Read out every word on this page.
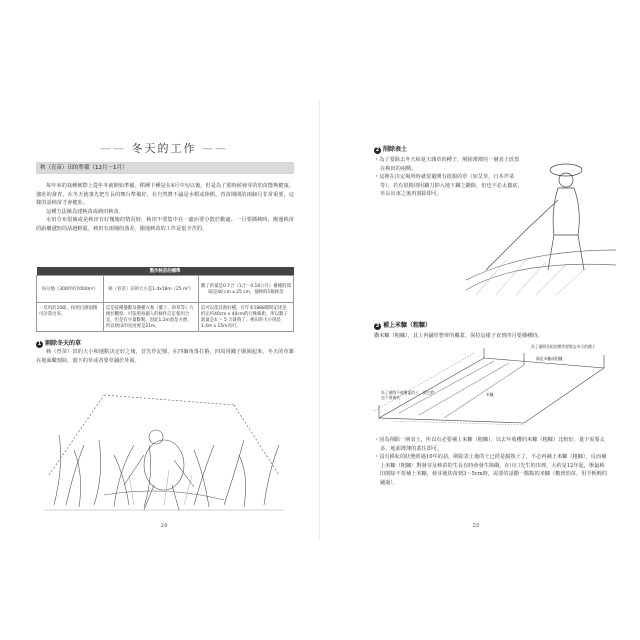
—— 冬天的工作 ——
秧（育苗）田的準備（12月－1月）

每年米的栽種實際上從年冬就開始準備。稻種下種是在4月中旬以後，但是為了那時候發芽的幼苗能夠健康，強壯的發育，在冬天就事先把生長的舞台準備好，在自然農不論是水稻或陸稻，育苗期間的兩個月非常重要，這樣的話秧苗才會健壯。

這種方法稱為建秧苗或秧田秧苗。

水田分布很廣或是秧田有好幾塊的情況時，秧田不要集中在一處而要分散於數處。一旦要插秧時，搬運秧苗的距離越短的話越輕鬆，秧田有兩塊的落差，搬運秧苗的工作是很辛苦的。

製作秧苗的標準		
每分地（300坪約1000m²）	秧（育苗）田的大小是1.4x18m（25 m²）	數子的量是0.7合（1合＝0.18公升）播種的間隔是40 cm x 25 cm，插秧時1根秧苗
一反用於10畝，按照目測面積可計算出來。	這是從種播數及播種方養（覆土、荷草等）方便於觀察，可依照每個人的條件訂定使用合宜，但是有少量數喔，因此1.2m寬是方便，所以秧田的長度要是21m。	這可以依其他好種，在年來1888期間記述是約定約40cm x 40cm的行株株距，所以數子就量是4 ～ 5 合就夠了。秧田的大小則是1.4m x 15m而可。
1 割除冬天的草

秧（育苗）田的大小和地點決定好之後，首先作記號，在四個角落打樁，四周用繩子圍圍起來，冬天的草雜在地面繼割除，割下的草或者要草鋪於外面。

24
2 削除表土
・為了要除去冬天和夏天雜草的種子，削除薄薄的一層表土放置在秧田的兩側。
・這裡在決定場所時就要避開有很根的草（如艾草，日本芹菜等），若有很根則用鋤刀抑入地下鋤之鋤除，但也不必太徹底，草長出來之後再割除即可。
3 補上米糠（粗糠）

撒米糠（粗糠），其上再鋪草整齊的覆蓋，保持這樣子直到四月要播種時。

為了避開長根的雜草要除去冬天的種子
像是米糠或粗糠
為了避開不被覆蓋的土，使它們也不會被吹
米糠
・因為削除一層表土，所以有必要補上米糠（粗糠），以去年收穫的米糠（粗糠）比較好，量不需要太多，地面薄薄的蓋住即可。
・沒有耕耘的狀態經過10年的話，削除表土後的土已經是腐熟土了，不必再補上米糠（粗糠），反而補上米糠（粗糠）對發芽及秧苗的生長有時會發生障礙，在川口先生的田裡，大約是12年起，舉最秧田削除不要補上米糠，發芽後幼苗到3～5cm時，需要的話撒一點點的米糠（數到幼苗，用手輕輕的鋪過）。
25
